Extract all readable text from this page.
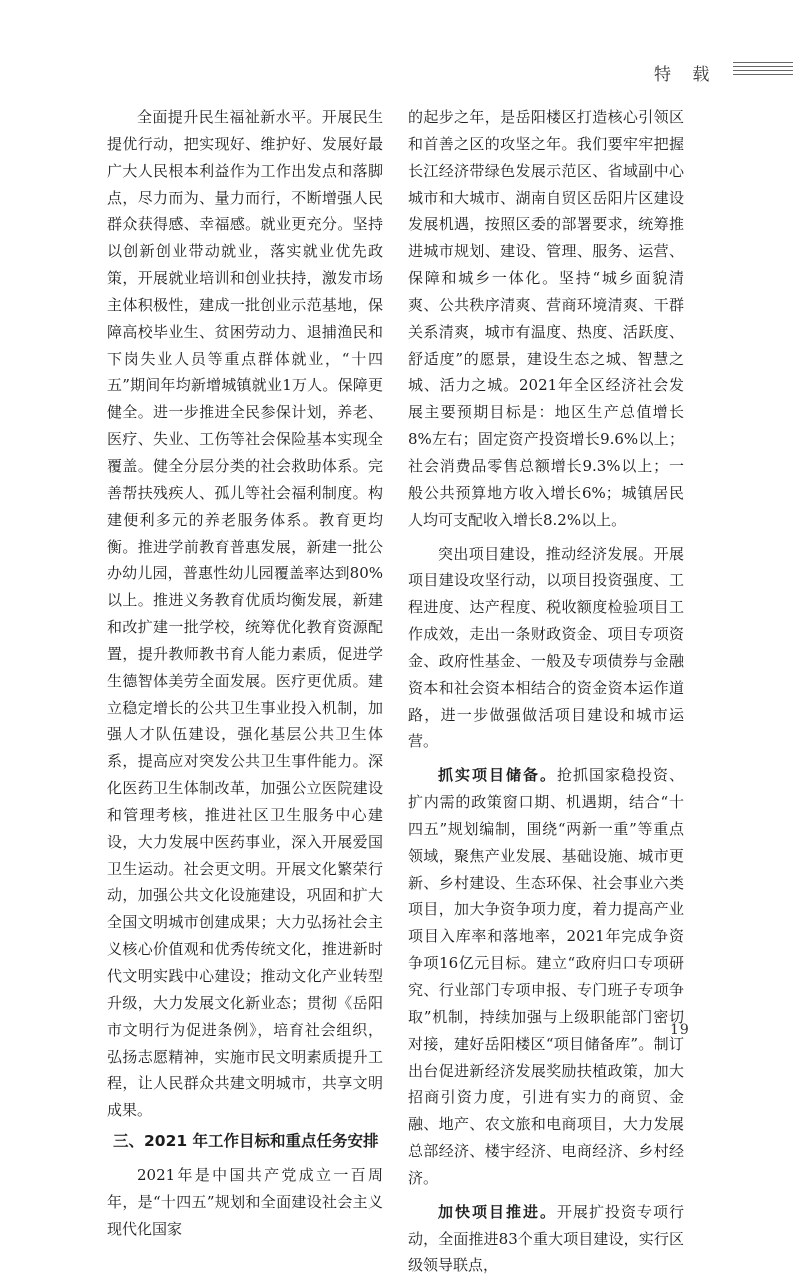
特 载

全面提升民生福祉新水平。开展民生提优行动，把实现好、维护好、发展好最广大人民根本利益作为工作出发点和落脚点，尽力而为、量力而行，不断增强人民群众获得感、幸福感。就业更充分。坚持以创新创业带动就业，落实就业优先政策，开展就业培训和创业扶持，激发市场主体积极性，建成一批创业示范基地，保障高校毕业生、贫困劳动力、退捕渔民和下岗失业人员等重点群体就业，“十四五”期间年均新增城镇就业1万人。保障更健全。进一步推进全民参保计划，养老、医疗、失业、工伤等社会保险基本实现全覆盖。健全分层分类的社会救助体系。完善帮扶残疾人、孤儿等社会福利制度。构建便利多元的养老服务体系。教育更均衡。推进学前教育普惠发展，新建一批公办幼儿园，普惠性幼儿园覆盖率达到80%以上。推进义务教育优质均衡发展，新建和改扩建一批学校，统筹优化教育资源配置，提升教师教书育人能力素质，促进学生德智体美劳全面发展。医疗更优质。建立稳定增长的公共卫生事业投入机制，加强人才队伍建设，强化基层公共卫生体系，提高应对突发公共卫生事件能力。深化医药卫生体制改革，加强公立医院建设和管理考核，推进社区卫生服务中心建设，大力发展中医药事业，深入开展爱国卫生运动。社会更文明。开展文化繁荣行动，加强公共文化设施建设，巩固和扩大全国文明城市创建成果；大力弘扬社会主义核心价值观和优秀传统文化，推进新时代文明实践中心建设；推动文化产业转型升级，大力发展文化新业态；贯彻《岳阳市文明行为促进条例》，培育社会组织，弘扬志愿精神，实施市民文明素质提升工程，让人民群众共建文明城市，共享文明成果。

三、2021 年工作目标和重点任务安排

2021年是中国共产党成立一百周年，是“十四五”规划和全面建设社会主义现代化国家

的起步之年，是岳阳楼区打造核心引领区和首善之区的攻坚之年。我们要牢牢把握长江经济带绿色发展示范区、省域副中心城市和大城市、湖南自贸区岳阳片区建设发展机遇，按照区委的部署要求，统筹推进城市规划、建设、管理、服务、运营、保障和城乡一体化。坚持“城乡面貌清爽、公共秩序清爽、营商环境清爽、干群关系清爽，城市有温度、热度、活跃度、舒适度”的愿景，建设生态之城、智慧之城、活力之城。2021年全区经济社会发展主要预期目标是：地区生产总值增长8%左右；固定资产投资增长9.6%以上；社会消费品零售总额增长9.3%以上；一般公共预算地方收入增长6%；城镇居民人均可支配收入增长8.2%以上。

突出项目建设，推动经济发展。开展项目建设攻坚行动，以项目投资强度、工程进度、达产程度、税收额度检验项目工作成效，走出一条财政资金、项目专项资金、政府性基金、一般及专项债券与金融资本和社会资本相结合的资金资本运作道路，进一步做强做活项目建设和城市运营。

抓实项目储备。抢抓国家稳投资、扩内需的政策窗口期、机遇期，结合“十四五”规划编制，围绕“两新一重”等重点领域，聚焦产业发展、基础设施、城市更新、乡村建设、生态环保、社会事业六类项目，加大争资争项力度，着力提高产业项目入库率和落地率，2021年完成争资争项16亿元目标。建立“政府归口专项研究、行业部门专项申报、专门班子专项争取”机制，持续加强与上级职能部门密切对接，建好岳阳楼区“项目储备库”。制订出台促进新经济发展奖励扶植政策，加大招商引资力度，引进有实力的商贸、金融、地产、农文旅和电商项目，大力发展总部经济、楼宇经济、电商经济、乡村经济。

加快项目推进。开展扩投资专项行动，全面推进83个重大项目建设，实行区级领导联点，

19
